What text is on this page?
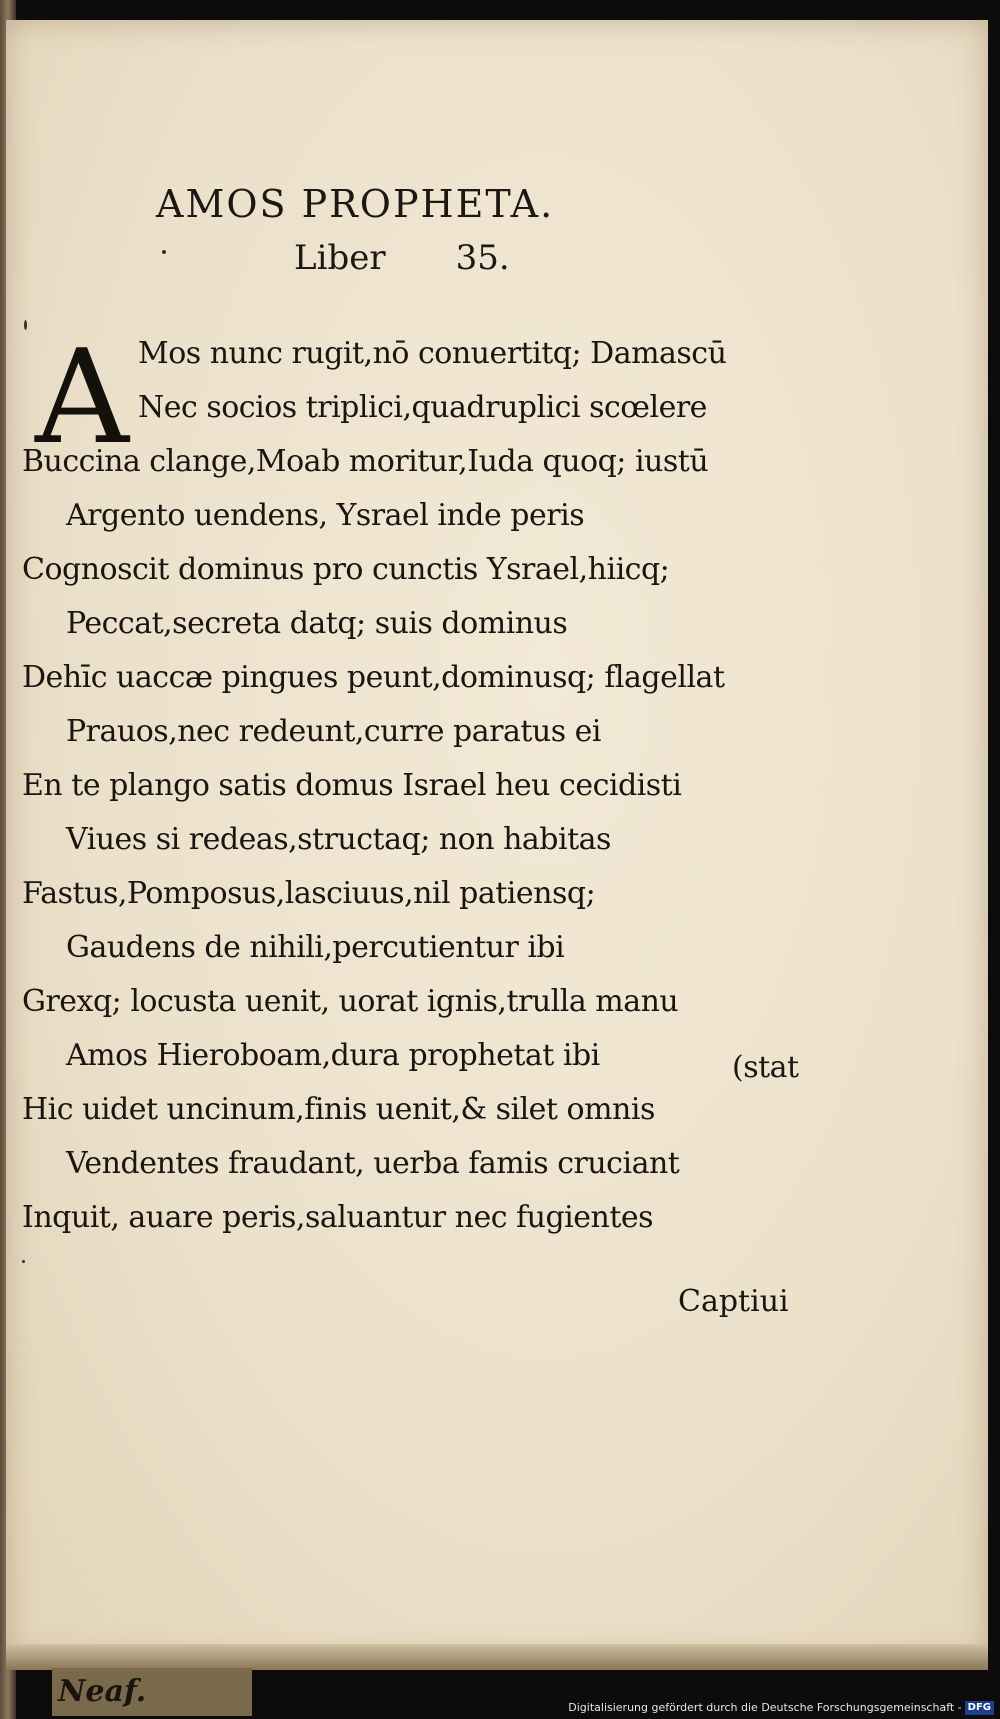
AMOS PROPHETA.
Liber 35.
A Mos nunc rugit,nō conuertitq; Damascū
Nec socios triplici,quadruplici scœlere
Buccina clange,Moab moritur,Iuda quoq; iustū
Argento uendens, Ysrael inde peris
Cognoscit dominus pro cunctis Ysrael,hiicq;
Peccat,secreta datq; suis dominus
Dehīc uaccæ pingues peunt,dominusq; flagellat
Prauos,nec redeunt,curre paratus ei
En te plango satis domus Israel heu cecidisti
Viues si redeas,structaq; non habitas
Fastus,Pomposus,lasciuus,nil patiensq;
Gaudens de nihili,percutientur ibi
Grexq; locusta uenit, uorat ignis,trulla manu
Amos Hieroboam,dura prophetat ibi	(stat
Hic uidet uncinum,finis uenit,& silet omnis
Vendentes fraudant, uerba famis cruciant
Inquit, auare peris,saluantur nec fugientes
Captiui
Neaf.	Digitalisierung gefördert durch die Deutsche Forschungsgemeinschaft - DFG
